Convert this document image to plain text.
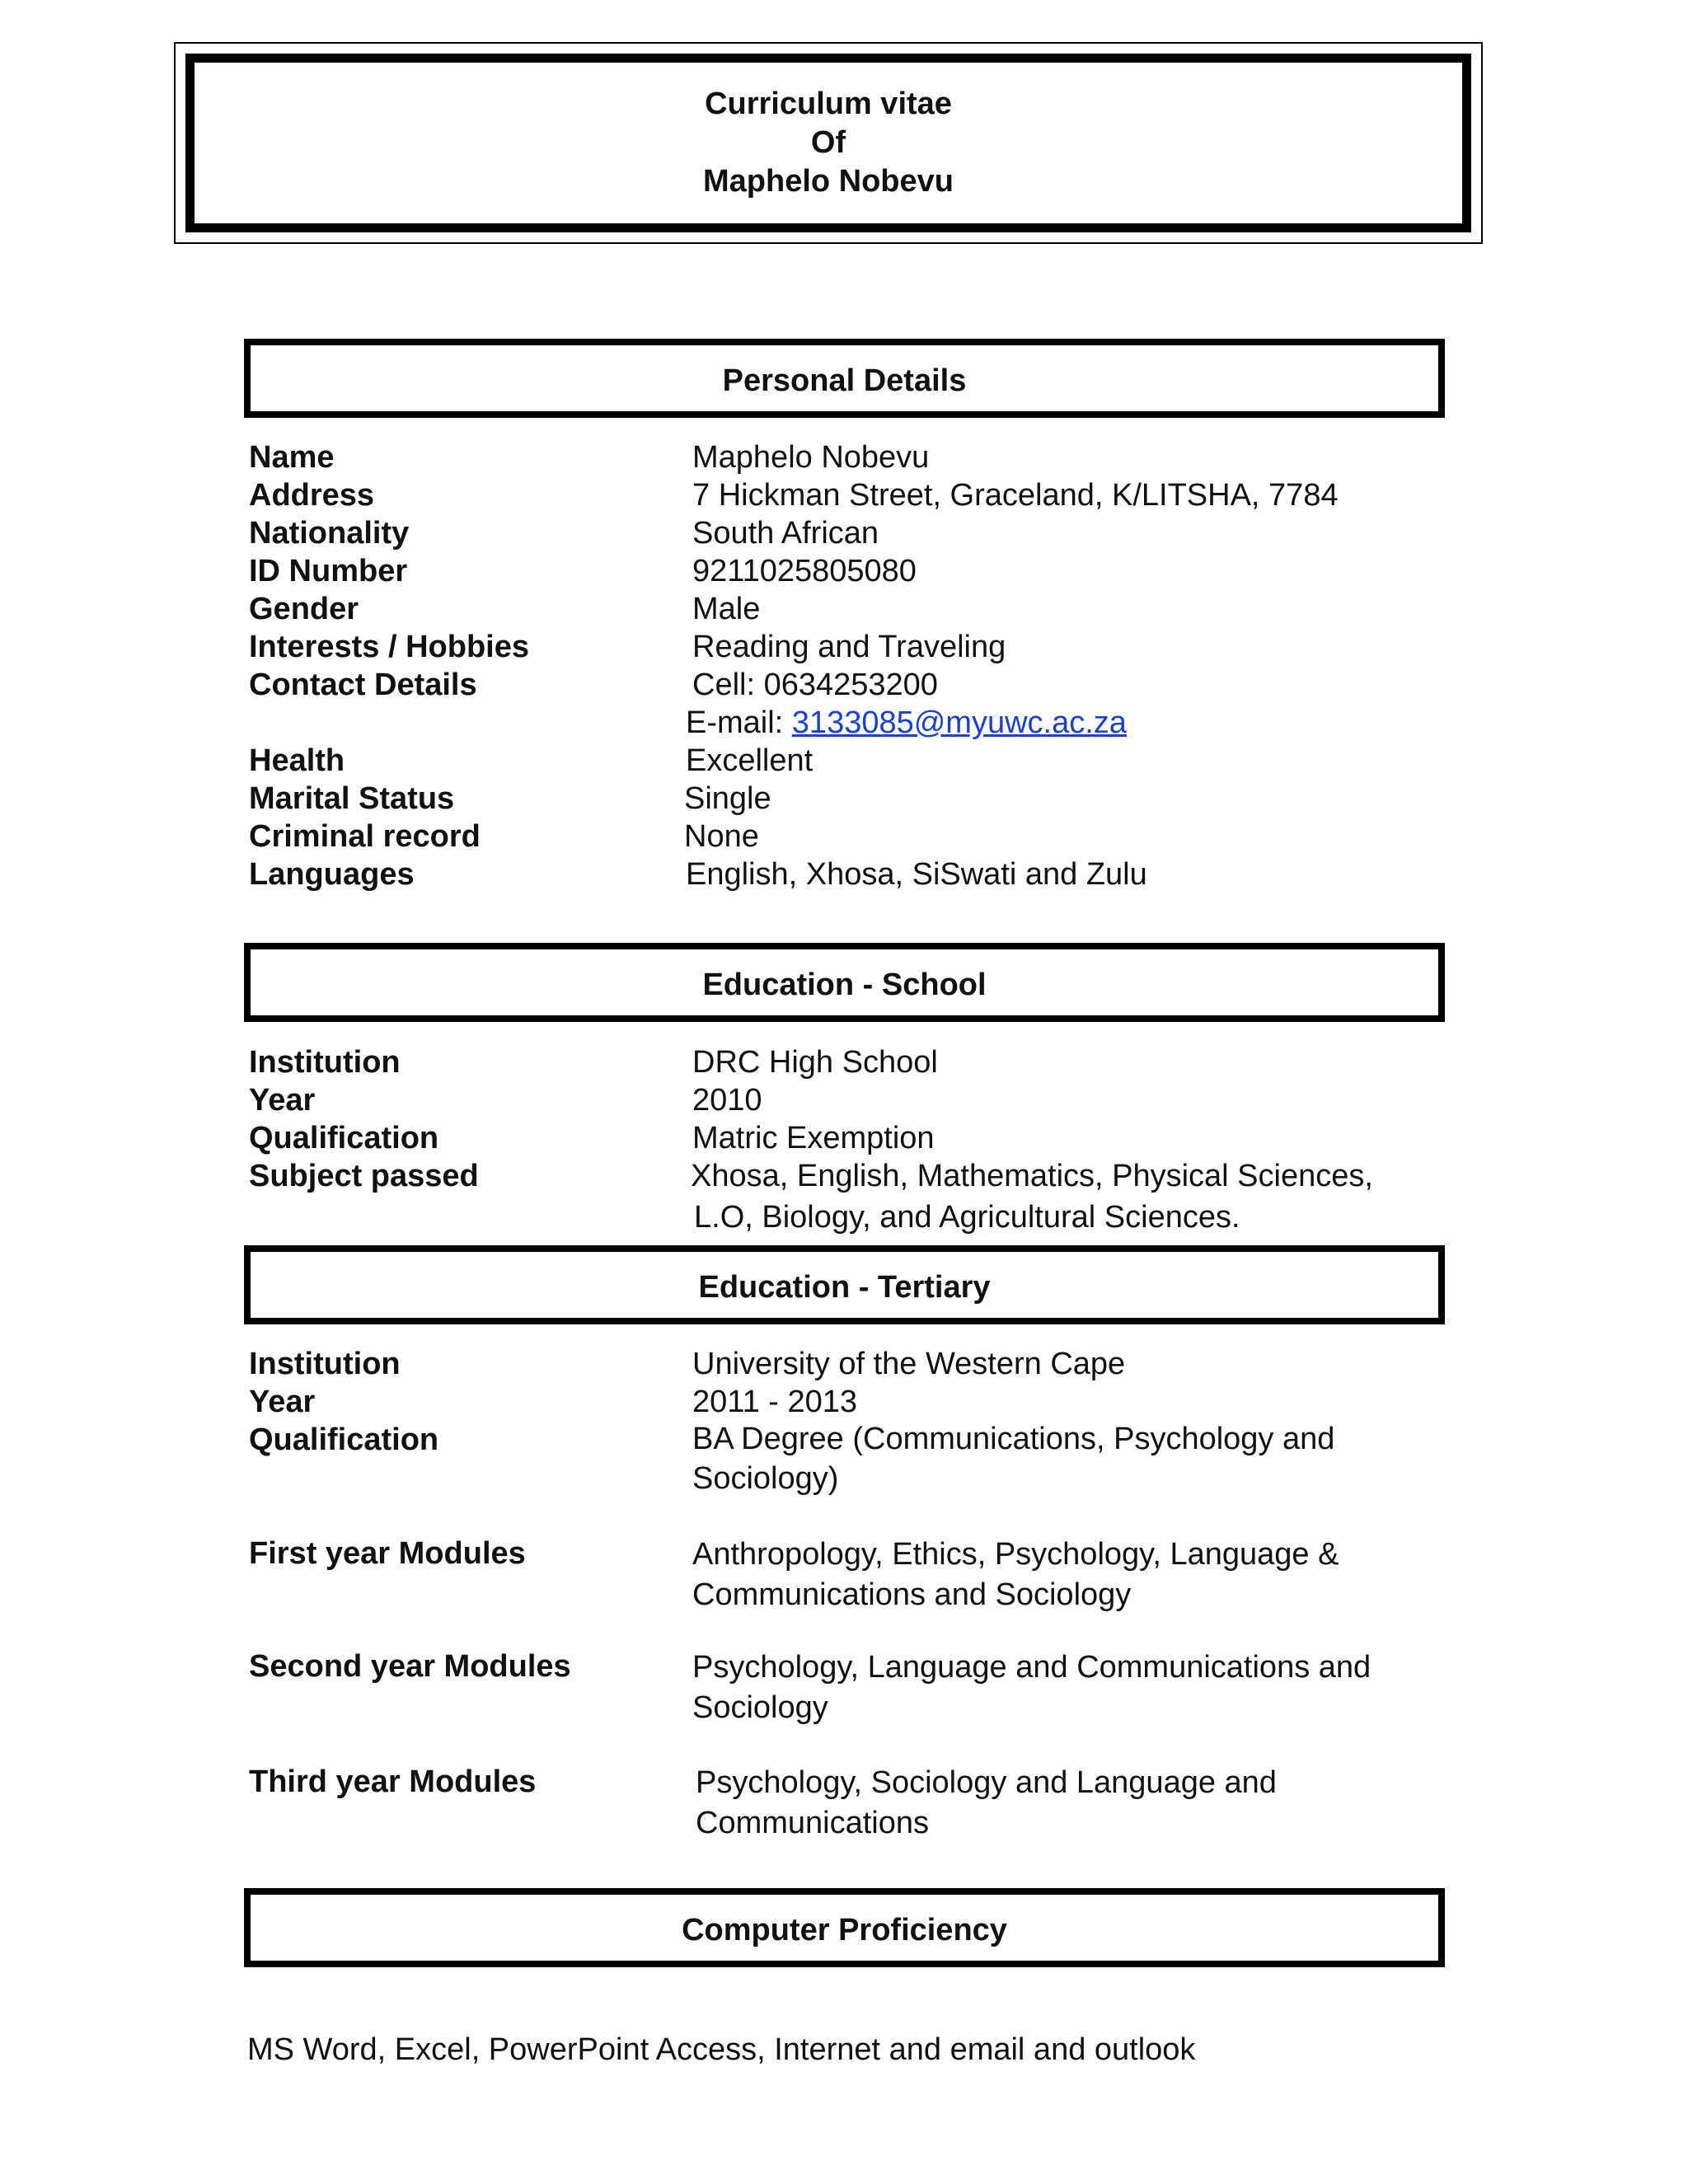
Curriculum vitae
Of
Maphelo Nobevu
Personal Details
Name	Maphelo Nobevu
Address	7 Hickman Street, Graceland, K/LITSHA, 7784
Nationality	South African
ID Number	9211025805080
Gender	Male
Interests / Hobbies	Reading and Traveling
Contact Details	Cell: 0634253200
E-mail: 3133085@myuwc.ac.za
Health	Excellent
Marital Status	Single
Criminal record	None
Languages	English, Xhosa, SiSwati and Zulu
Education - School
Institution	DRC High School
Year	2010
Qualification	Matric Exemption
Subject passed	Xhosa, English, Mathematics, Physical Sciences,
L.O, Biology, and Agricultural Sciences.
Education - Tertiary
Institution	University of the Western Cape
Year	2011 - 2013
Qualification	BA Degree (Communications, Psychology and Sociology)
First year Modules	Anthropology, Ethics, Psychology, Language & Communications and Sociology
Second year Modules	Psychology, Language and Communications and Sociology
Third year Modules	Psychology, Sociology and Language and Communications
Computer Proficiency
MS Word, Excel, PowerPoint Access, Internet and email and outlook
